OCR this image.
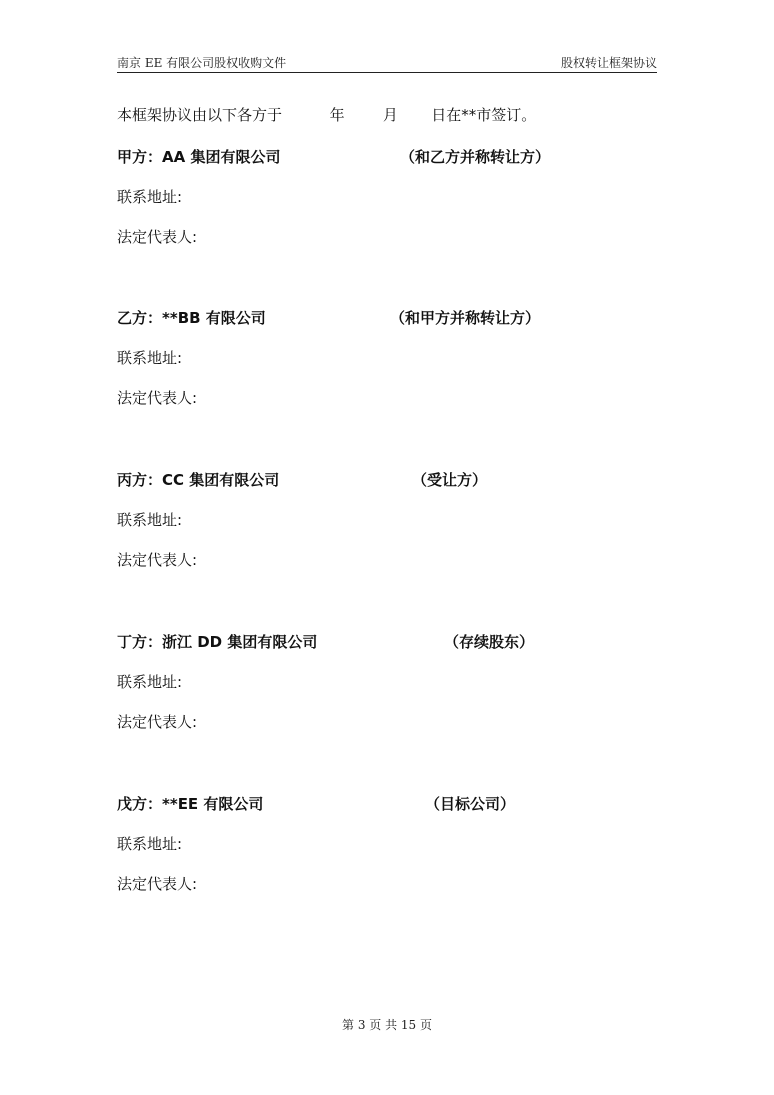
南京 EE 有限公司股权收购文件	股权转让框架协议
本框架协议由以下各方于          年        月       日在**市签订。
甲方：AA 集团有限公司	（和乙方并称转让方）
联系地址:
法定代表人:
乙方：**BB 有限公司	（和甲方并称转让方）
联系地址:
法定代表人:
丙方：CC 集团有限公司	（受让方）
联系地址:
法定代表人:
丁方：浙江 DD 集团有限公司	（存续股东）
联系地址:
法定代表人:
戊方：**EE 有限公司	（目标公司）
联系地址:
法定代表人:
第 3 页 共 15 页
